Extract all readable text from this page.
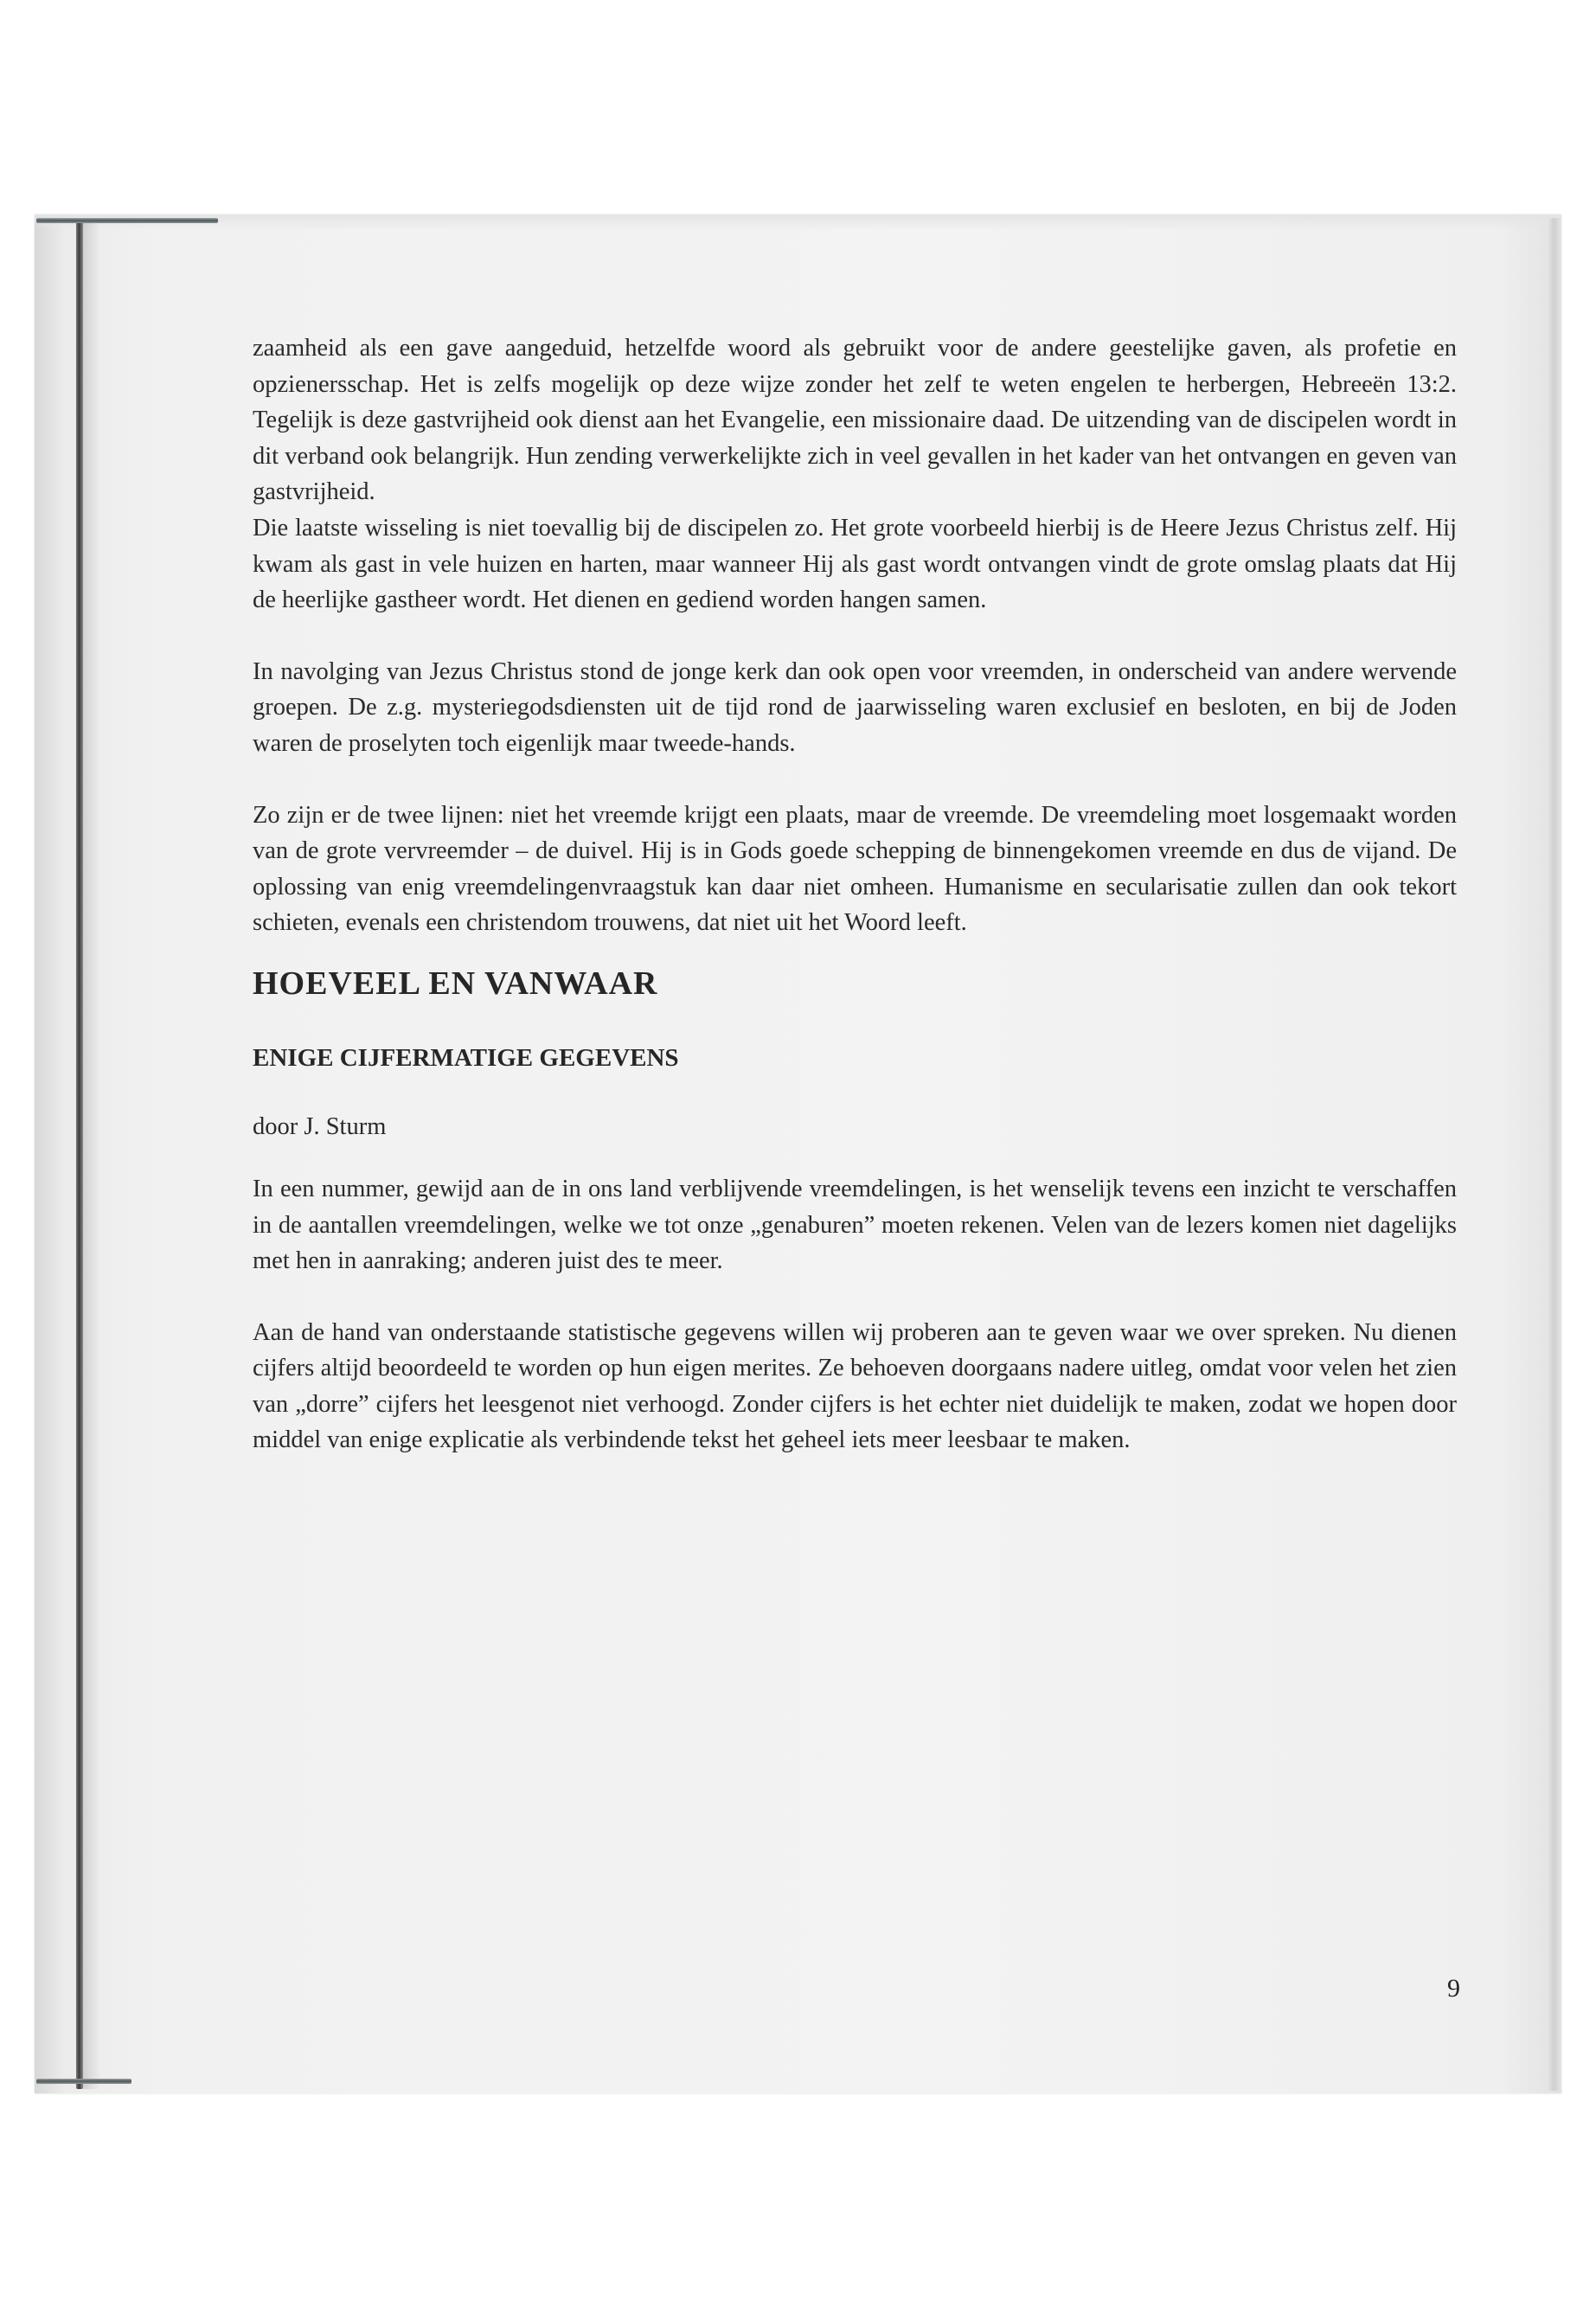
zaamheid als een gave aangeduid, hetzelfde woord als gebruikt voor de andere geestelijke gaven, als profetie en opzienersschap. Het is zelfs mogelijk op deze wijze zonder het zelf te weten engelen te herbergen, Hebreeën 13:2. Tegelijk is deze gastvrijheid ook dienst aan het Evangelie, een missionaire daad. De uitzending van de discipelen wordt in dit verband ook belangrijk. Hun zending verwerkelijkte zich in veel gevallen in het kader van het ontvangen en geven van gastvrijheid.

Die laatste wisseling is niet toevallig bij de discipelen zo. Het grote voorbeeld hierbij is de Heere Jezus Christus zelf. Hij kwam als gast in vele huizen en harten, maar wanneer Hij als gast wordt ontvangen vindt de grote omslag plaats dat Hij de heerlijke gastheer wordt. Het dienen en gediend worden hangen samen.

In navolging van Jezus Christus stond de jonge kerk dan ook open voor vreemden, in onderscheid van andere wervende groepen. De z.g. mysteriegodsdiensten uit de tijd rond de jaarwisseling waren exclusief en besloten, en bij de Joden waren de proselyten toch eigenlijk maar tweede-hands.

Zo zijn er de twee lijnen: niet het vreemde krijgt een plaats, maar de vreemde. De vreemdeling moet losgemaakt worden van de grote vervreemder – de duivel. Hij is in Gods goede schepping de binnengekomen vreemde en dus de vijand. De oplossing van enig vreemdelingenvraagstuk kan daar niet omheen. Humanisme en secularisatie zullen dan ook tekort schieten, evenals een christendom trouwens, dat niet uit het Woord leeft.

HOEVEEL EN VANWAAR
ENIGE CIJFERMATIGE GEGEVENS

door J. Sturm

In een nummer, gewijd aan de in ons land verblijvende vreemdelingen, is het wenselijk tevens een inzicht te verschaffen in de aantallen vreemdelingen, welke we tot onze „genaburen” moeten rekenen. Velen van de lezers komen niet dagelijks met hen in aanraking; anderen juist des te meer.

Aan de hand van onderstaande statistische gegevens willen wij proberen aan te geven waar we over spreken. Nu dienen cijfers altijd beoordeeld te worden op hun eigen merites. Ze behoeven doorgaans nadere uitleg, omdat voor velen het zien van „dorre” cijfers het leesgenot niet verhoogd. Zonder cijfers is het echter niet duidelijk te maken, zodat we hopen door middel van enige explicatie als verbindende tekst het geheel iets meer leesbaar te maken.

9
